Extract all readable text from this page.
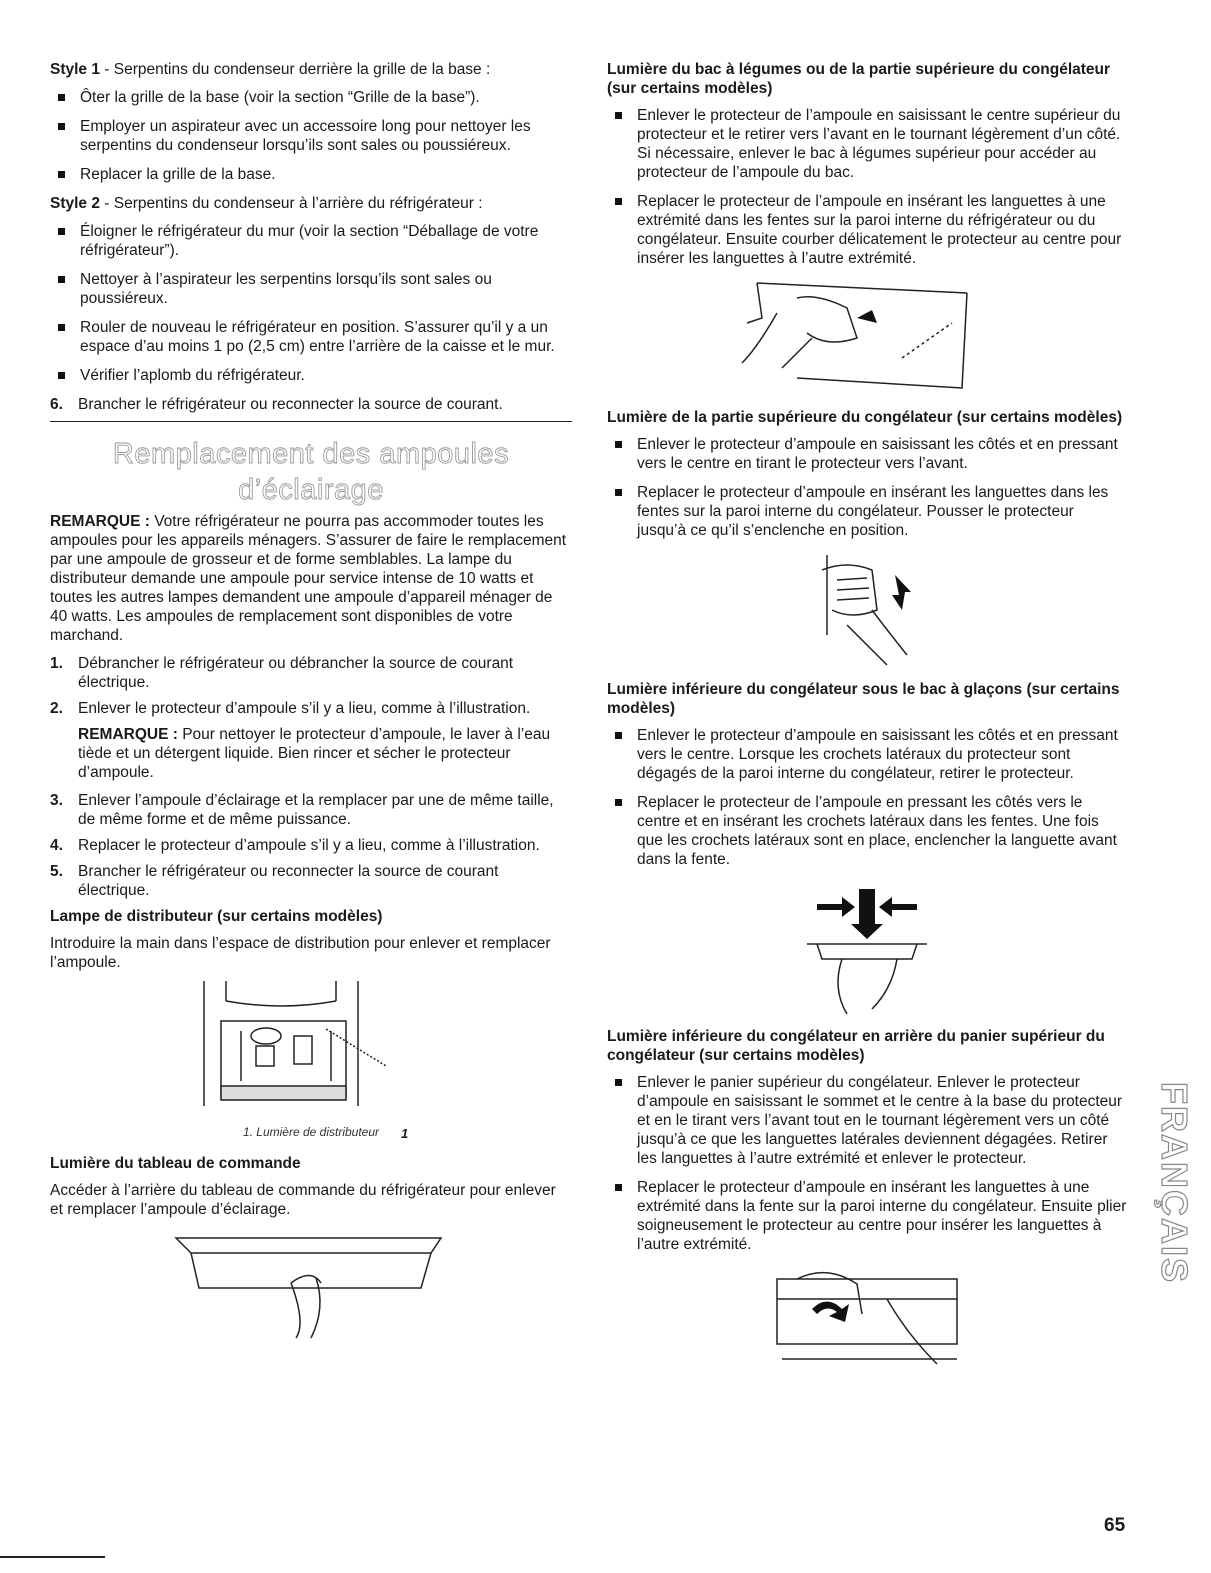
Style 1 - Serpentins du condenseur derrière la grille de la base :

Ôter la grille de la base (voir la section “Grille de la base”).
Employer un aspirateur avec un accessoire long pour nettoyer les serpentins du condenseur lorsqu’ils sont sales ou poussiéreux.
Replacer la grille de la base.

Style 2 - Serpentins du condenseur à l’arrière du réfrigérateur :

Éloigner le réfrigérateur du mur (voir la section “Déballage de votre réfrigérateur”).
Nettoyer à l’aspirateur les serpentins lorsqu’ils sont sales ou poussiéreux.
Rouler de nouveau le réfrigérateur en position. S’assurer qu’il y a un espace d’au moins 1 po (2,5 cm) entre l’arrière de la caisse et le mur.
Vérifier l’aplomb du réfrigérateur.
6. Brancher le réfrigérateur ou reconnecter la source de courant.
Remplacement des ampoules
d’éclairage

REMARQUE : Votre réfrigérateur ne pourra pas accommoder toutes les ampoules pour les appareils ménagers. S’assurer de faire le remplacement par une ampoule de grosseur et de forme semblables. La lampe du distributeur demande une ampoule pour service intense de 10 watts et toutes les autres lampes demandent une ampoule d’appareil ménager de 40 watts. Les ampoules de remplacement sont disponibles de votre marchand.

1. Débrancher le réfrigérateur ou débrancher la source de courant électrique.
2. Enlever le protecteur d’ampoule s’il y a lieu, comme à l’illustration.

REMARQUE : Pour nettoyer le protecteur d’ampoule, le laver à l’eau tiède et un détergent liquide. Bien rincer et sécher le protecteur d’ampoule.

3. Enlever l’ampoule d’éclairage et la remplacer par une de même taille, de même forme et de même puissance.
4. Replacer le protecteur d’ampoule s’il y a lieu, comme à l’illustration.
5. Brancher le réfrigérateur ou reconnecter la source de courant électrique.
Lampe de distributeur (sur certains modèles)

Introduire la main dans l’espace de distribution pour enlever et remplacer l’ampoule.

1
1. Lumière de distributeur
Lumière du tableau de commande

Accéder à l’arrière du tableau de commande du réfrigérateur pour enlever et remplacer l’ampoule d’éclairage.

Lumière du bac à légumes ou de la partie supérieure du congélateur (sur certains modèles)
Enlever le protecteur de l’ampoule en saisissant le centre supérieur du protecteur et le retirer vers l’avant en le tournant légèrement d’un côté. Si nécessaire, enlever le bac à légumes supérieur pour accéder au protecteur de l’ampoule du bac.
Replacer le protecteur de l’ampoule en insérant les languettes à une extrémité dans les fentes sur la paroi interne du réfrigérateur ou du congélateur. Ensuite courber délicatement le protecteur au centre pour insérer les languettes à l’autre extrémité.
Lumière de la partie supérieure du congélateur (sur certains modèles)
Enlever le protecteur d’ampoule en saisissant les côtés et en pressant vers le centre en tirant le protecteur vers l’avant.
Replacer le protecteur d’ampoule en insérant les languettes dans les fentes sur la paroi interne du congélateur. Pousser le protecteur jusqu’à ce qu’il s’enclenche en position.
Lumière inférieure du congélateur sous le bac à glaçons (sur certains modèles)
Enlever le protecteur d’ampoule en saisissant les côtés et en pressant vers le centre. Lorsque les crochets latéraux du protecteur sont dégagés de la paroi interne du congélateur, retirer le protecteur.
Replacer le protecteur de l’ampoule en pressant les côtés vers le centre et en insérant les crochets latéraux dans les fentes. Une fois que les crochets latéraux sont en place, enclencher la languette avant dans la fente.
Lumière inférieure du congélateur en arrière du panier supérieur du congélateur (sur certains modèles)
Enlever le panier supérieur du congélateur. Enlever le protecteur d’ampoule en saisissant le sommet et le centre à la base du protecteur et en le tirant vers l’avant tout en le tournant légèrement vers un côté jusqu’à ce que les languettes latérales deviennent dégagées. Retirer les languettes à l’autre extrémité et enlever le protecteur.
Replacer le protecteur d’ampoule en insérant les languettes à une extrémité dans la fente sur la paroi interne du congélateur. Ensuite plier soigneusement le protecteur au centre pour insérer les languettes à l’autre extrémité.	FRANÇAIS
65
